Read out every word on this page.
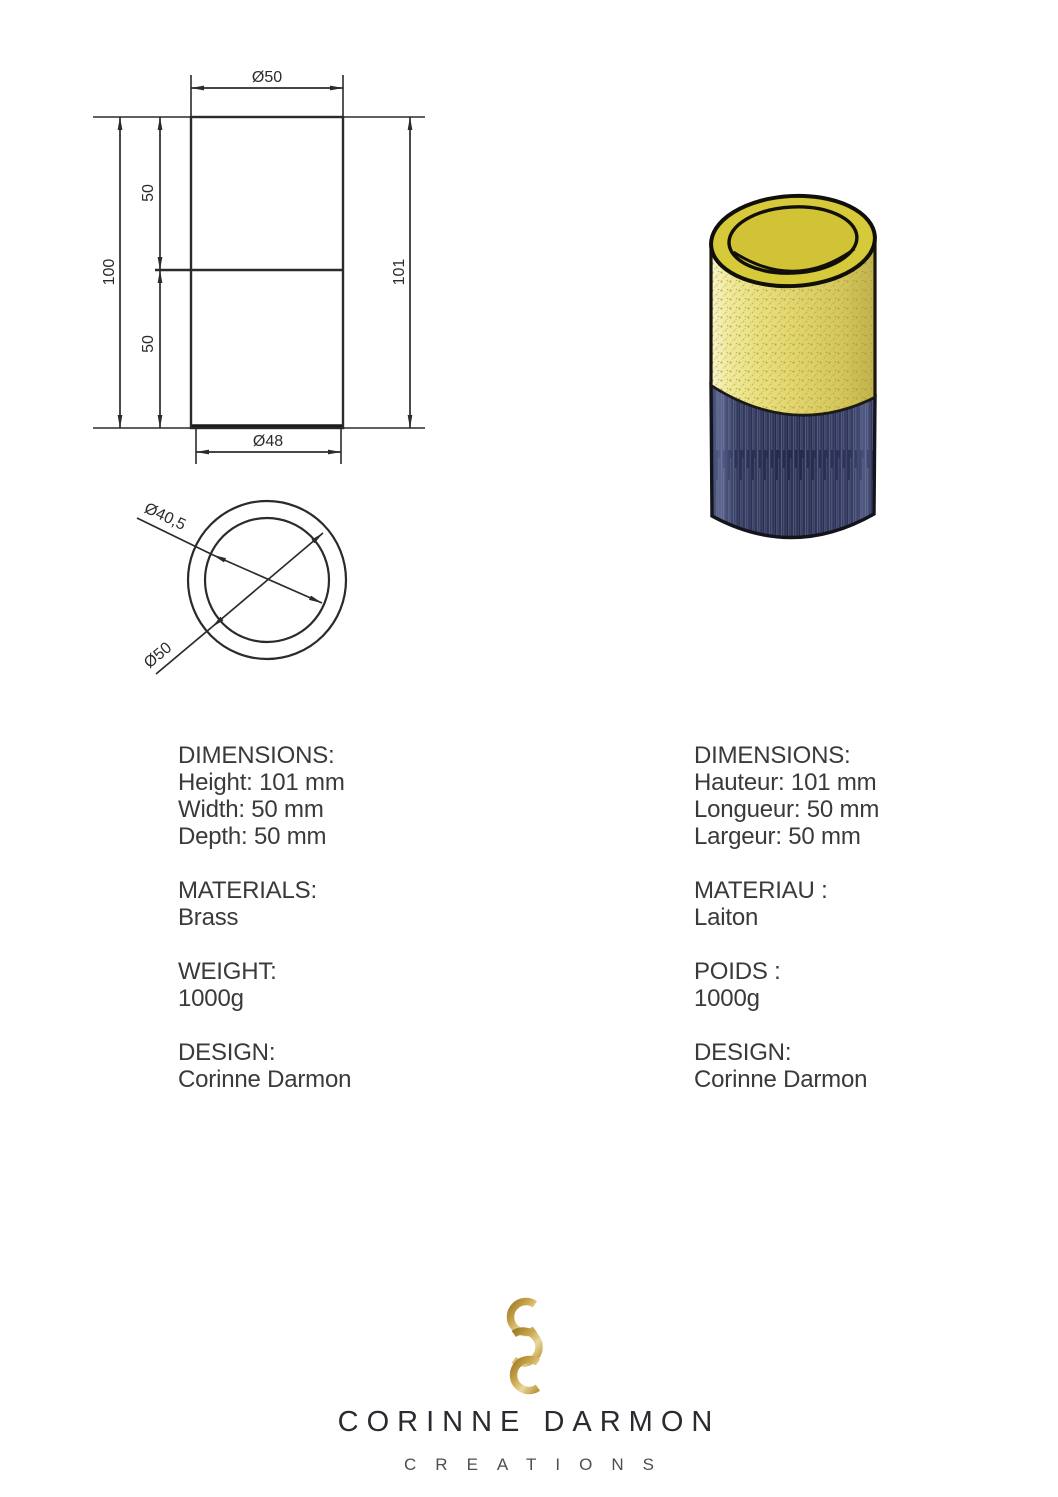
Ø50
100
50
50
101
Ø48
Ø40,5
Ø50
DIMENSIONS:
Height: 101 mm
Width: 50 mm
Depth: 50 mm
MATERIALS:
Brass
WEIGHT:
1000g
DESIGN:
Corinne Darmon
DIMENSIONS:
Hauteur: 101 mm
Longueur: 50 mm
Largeur: 50 mm
MATERIAU :
Laiton
POIDS :
1000g
DESIGN:
Corinne Darmon
CORINNE DARMON
CREATIONS
